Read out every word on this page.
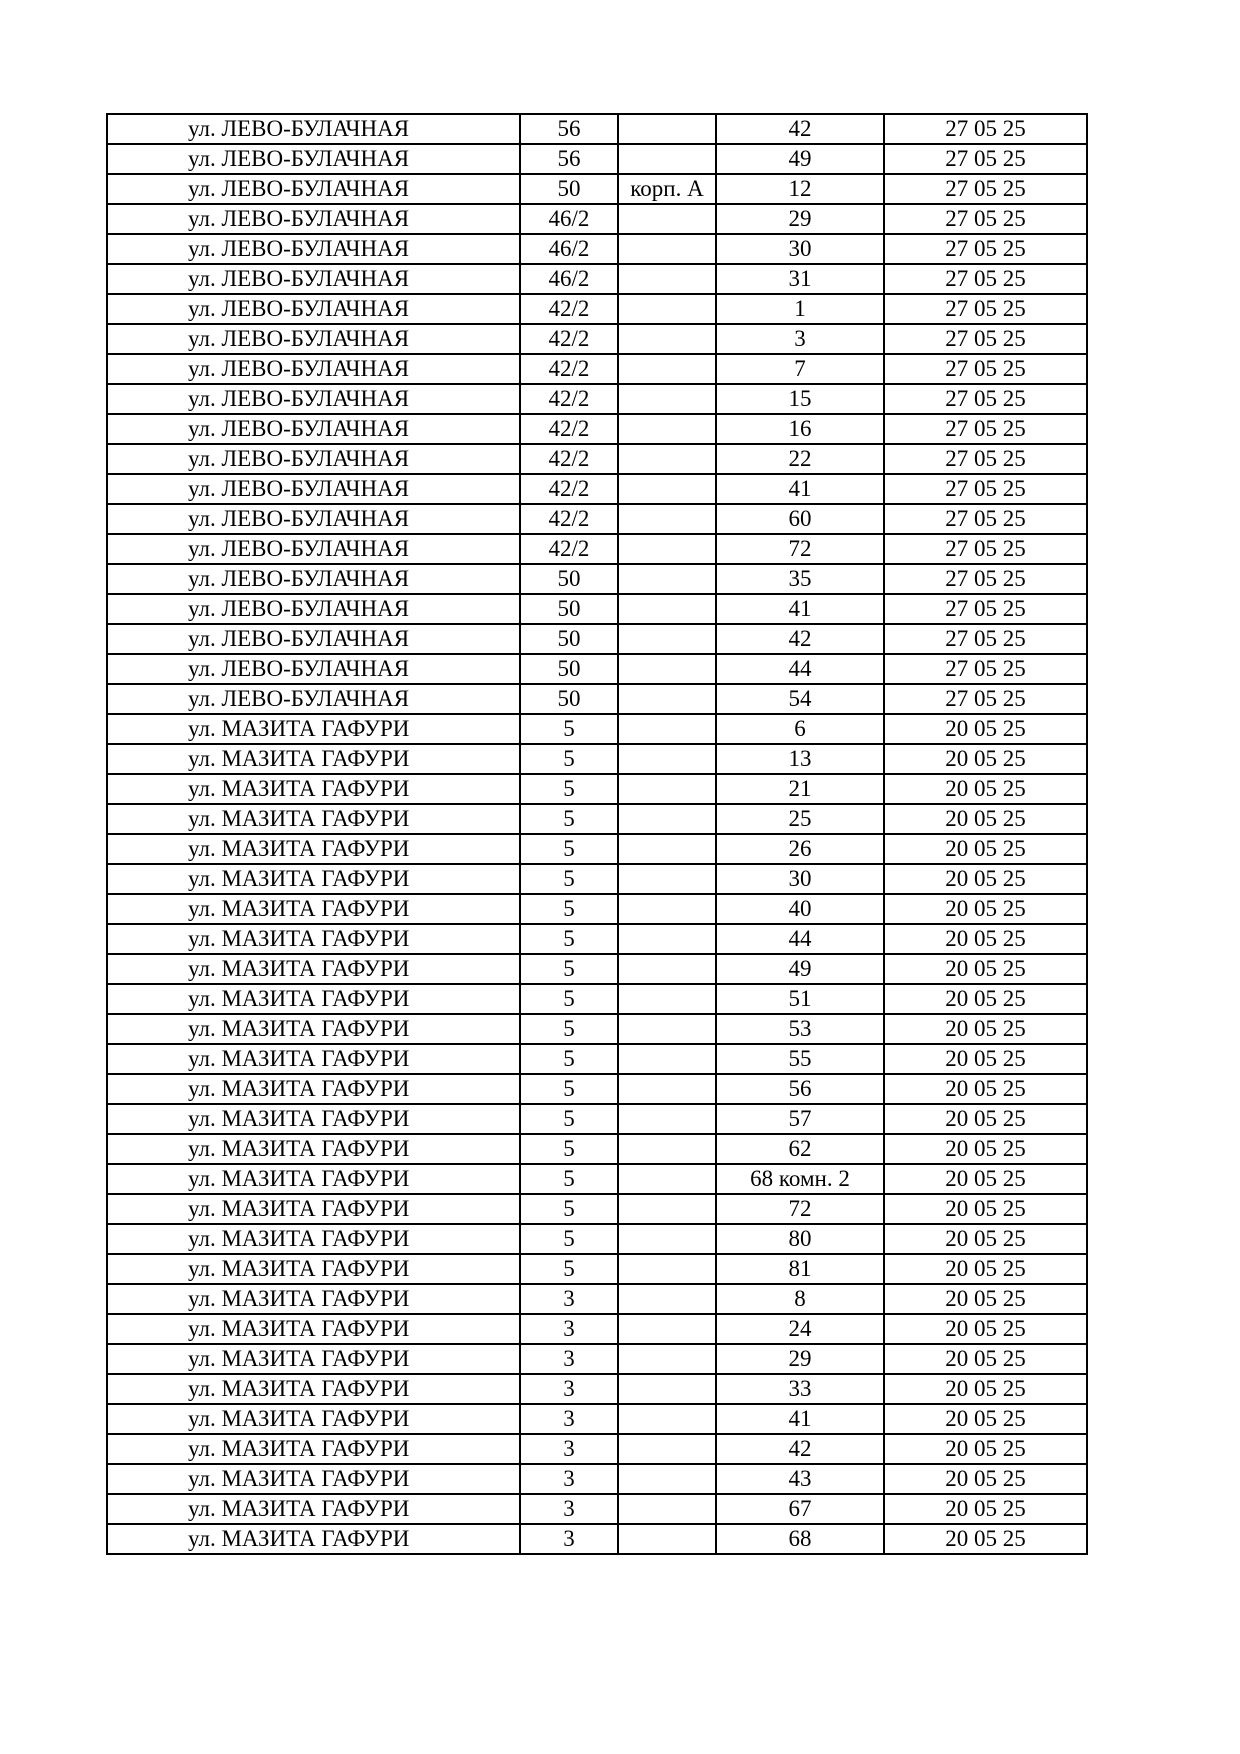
ул. ЛЕВО-БУЛАЧНАЯ	56		42	27 05 25
ул. ЛЕВО-БУЛАЧНАЯ	56		49	27 05 25
ул. ЛЕВО-БУЛАЧНАЯ	50	корп. А	12	27 05 25
ул. ЛЕВО-БУЛАЧНАЯ	46/2		29	27 05 25
ул. ЛЕВО-БУЛАЧНАЯ	46/2		30	27 05 25
ул. ЛЕВО-БУЛАЧНАЯ	46/2		31	27 05 25
ул. ЛЕВО-БУЛАЧНАЯ	42/2		1	27 05 25
ул. ЛЕВО-БУЛАЧНАЯ	42/2		3	27 05 25
ул. ЛЕВО-БУЛАЧНАЯ	42/2		7	27 05 25
ул. ЛЕВО-БУЛАЧНАЯ	42/2		15	27 05 25
ул. ЛЕВО-БУЛАЧНАЯ	42/2		16	27 05 25
ул. ЛЕВО-БУЛАЧНАЯ	42/2		22	27 05 25
ул. ЛЕВО-БУЛАЧНАЯ	42/2		41	27 05 25
ул. ЛЕВО-БУЛАЧНАЯ	42/2		60	27 05 25
ул. ЛЕВО-БУЛАЧНАЯ	42/2		72	27 05 25
ул. ЛЕВО-БУЛАЧНАЯ	50		35	27 05 25
ул. ЛЕВО-БУЛАЧНАЯ	50		41	27 05 25
ул. ЛЕВО-БУЛАЧНАЯ	50		42	27 05 25
ул. ЛЕВО-БУЛАЧНАЯ	50		44	27 05 25
ул. ЛЕВО-БУЛАЧНАЯ	50		54	27 05 25
ул. МАЗИТА ГАФУРИ	5		6	20 05 25
ул. МАЗИТА ГАФУРИ	5		13	20 05 25
ул. МАЗИТА ГАФУРИ	5		21	20 05 25
ул. МАЗИТА ГАФУРИ	5		25	20 05 25
ул. МАЗИТА ГАФУРИ	5		26	20 05 25
ул. МАЗИТА ГАФУРИ	5		30	20 05 25
ул. МАЗИТА ГАФУРИ	5		40	20 05 25
ул. МАЗИТА ГАФУРИ	5		44	20 05 25
ул. МАЗИТА ГАФУРИ	5		49	20 05 25
ул. МАЗИТА ГАФУРИ	5		51	20 05 25
ул. МАЗИТА ГАФУРИ	5		53	20 05 25
ул. МАЗИТА ГАФУРИ	5		55	20 05 25
ул. МАЗИТА ГАФУРИ	5		56	20 05 25
ул. МАЗИТА ГАФУРИ	5		57	20 05 25
ул. МАЗИТА ГАФУРИ	5		62	20 05 25
ул. МАЗИТА ГАФУРИ	5		68 комн. 2	20 05 25
ул. МАЗИТА ГАФУРИ	5		72	20 05 25
ул. МАЗИТА ГАФУРИ	5		80	20 05 25
ул. МАЗИТА ГАФУРИ	5		81	20 05 25
ул. МАЗИТА ГАФУРИ	3		8	20 05 25
ул. МАЗИТА ГАФУРИ	3		24	20 05 25
ул. МАЗИТА ГАФУРИ	3		29	20 05 25
ул. МАЗИТА ГАФУРИ	3		33	20 05 25
ул. МАЗИТА ГАФУРИ	3		41	20 05 25
ул. МАЗИТА ГАФУРИ	3		42	20 05 25
ул. МАЗИТА ГАФУРИ	3		43	20 05 25
ул. МАЗИТА ГАФУРИ	3		67	20 05 25
ул. МАЗИТА ГАФУРИ	3		68	20 05 25
